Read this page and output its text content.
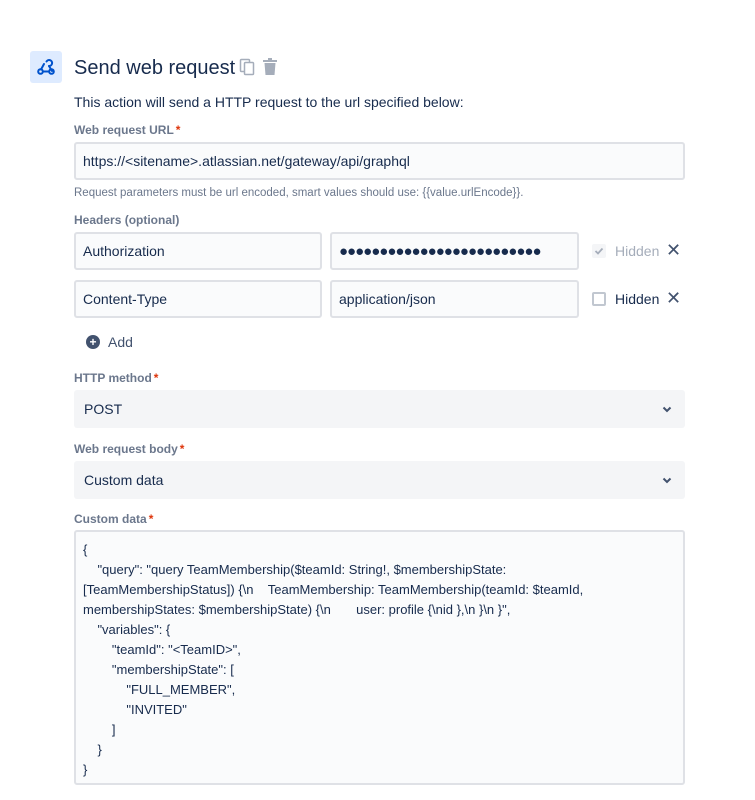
Send web request
This action will send a HTTP request to the url specified below:
Web request URL *
https://<sitename>.atlassian.net/gateway/api/graphql
Request parameters must be url encoded, smart values should use: {{value.urlEncode}}.
Headers (optional)
Authorization	●●●●●●●●●●●●●●●●●●●●●●●●●	Hidden ✕
Content-Type	application/json	Hidden ✕
+ Add
HTTP method *
POST
Web request body *
Custom data
Custom data *
{
"query": "query TeamMembership($teamId: String!, $membershipState:
[TeamMembershipStatus]) {\n    TeamMembership: TeamMembership(teamId: $teamId,
membershipStates: $membershipState) {\n       user: profile {\nid },\n }\n }",
"variables": {
"teamId": "<TeamID>",
"membershipState": [
"FULL_MEMBER",
"INVITED"
]
}
}
